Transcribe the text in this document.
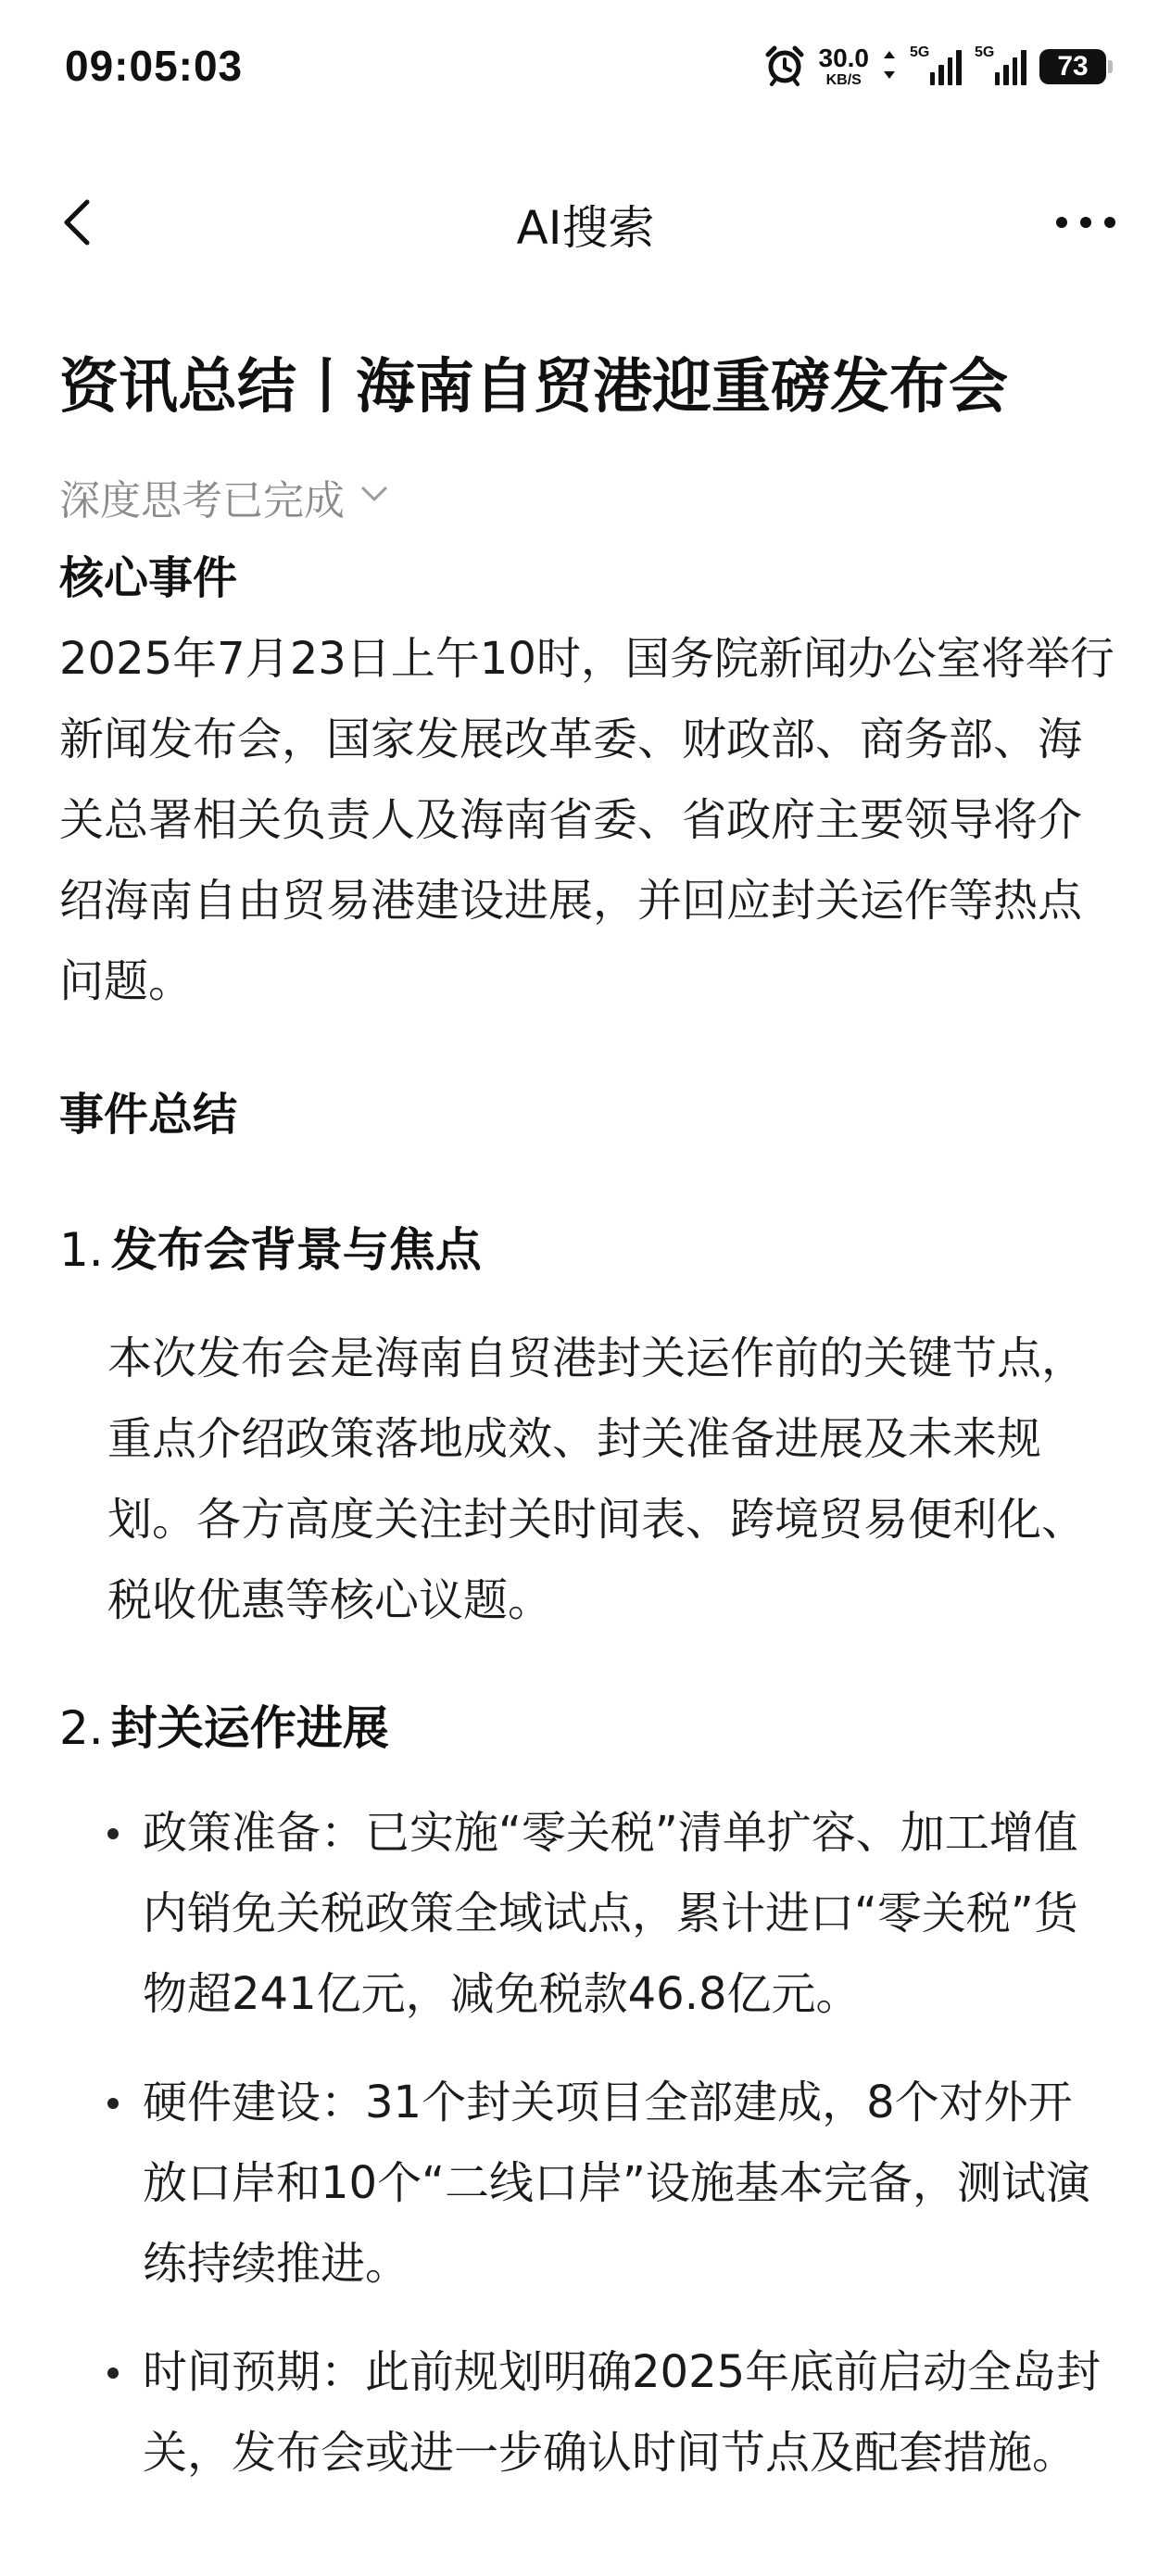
09:05:03	30.0
KB/S
5G	5G 73
AI搜索
资讯总结丨海南自贸港迎重磅发布会
深度思考已完成
核心事件
2025年7月23日上午10时，国务院新闻办公室将举行新闻发布会，国家发展改革委、财政部、商务部、海关总署相关负责人及海南省委、省政府主要领导将介绍海南自由贸易港建设进展，并回应封关运作等热点问题。
事件总结
1. 发布会背景与焦点
本次发布会是海南自贸港封关运作前的关键节点，重点介绍政策落地成效、封关准备进展及未来规划。各方高度关注封关时间表、跨境贸易便利化、税收优惠等核心议题。
2. 封关运作进展
政策准备：已实施“零关税”清单扩容、加工增值内销免关税政策全域试点，累计进口“零关税”货物超241亿元，减免税款46.8亿元。
硬件建设：31个封关项目全部建成，8个对外开放口岸和10个“二线口岸”设施基本完备，测试演练持续推进。
时间预期：此前规划明确2025年底前启动全岛封关，发布会或进一步确认时间节点及配套措施。
